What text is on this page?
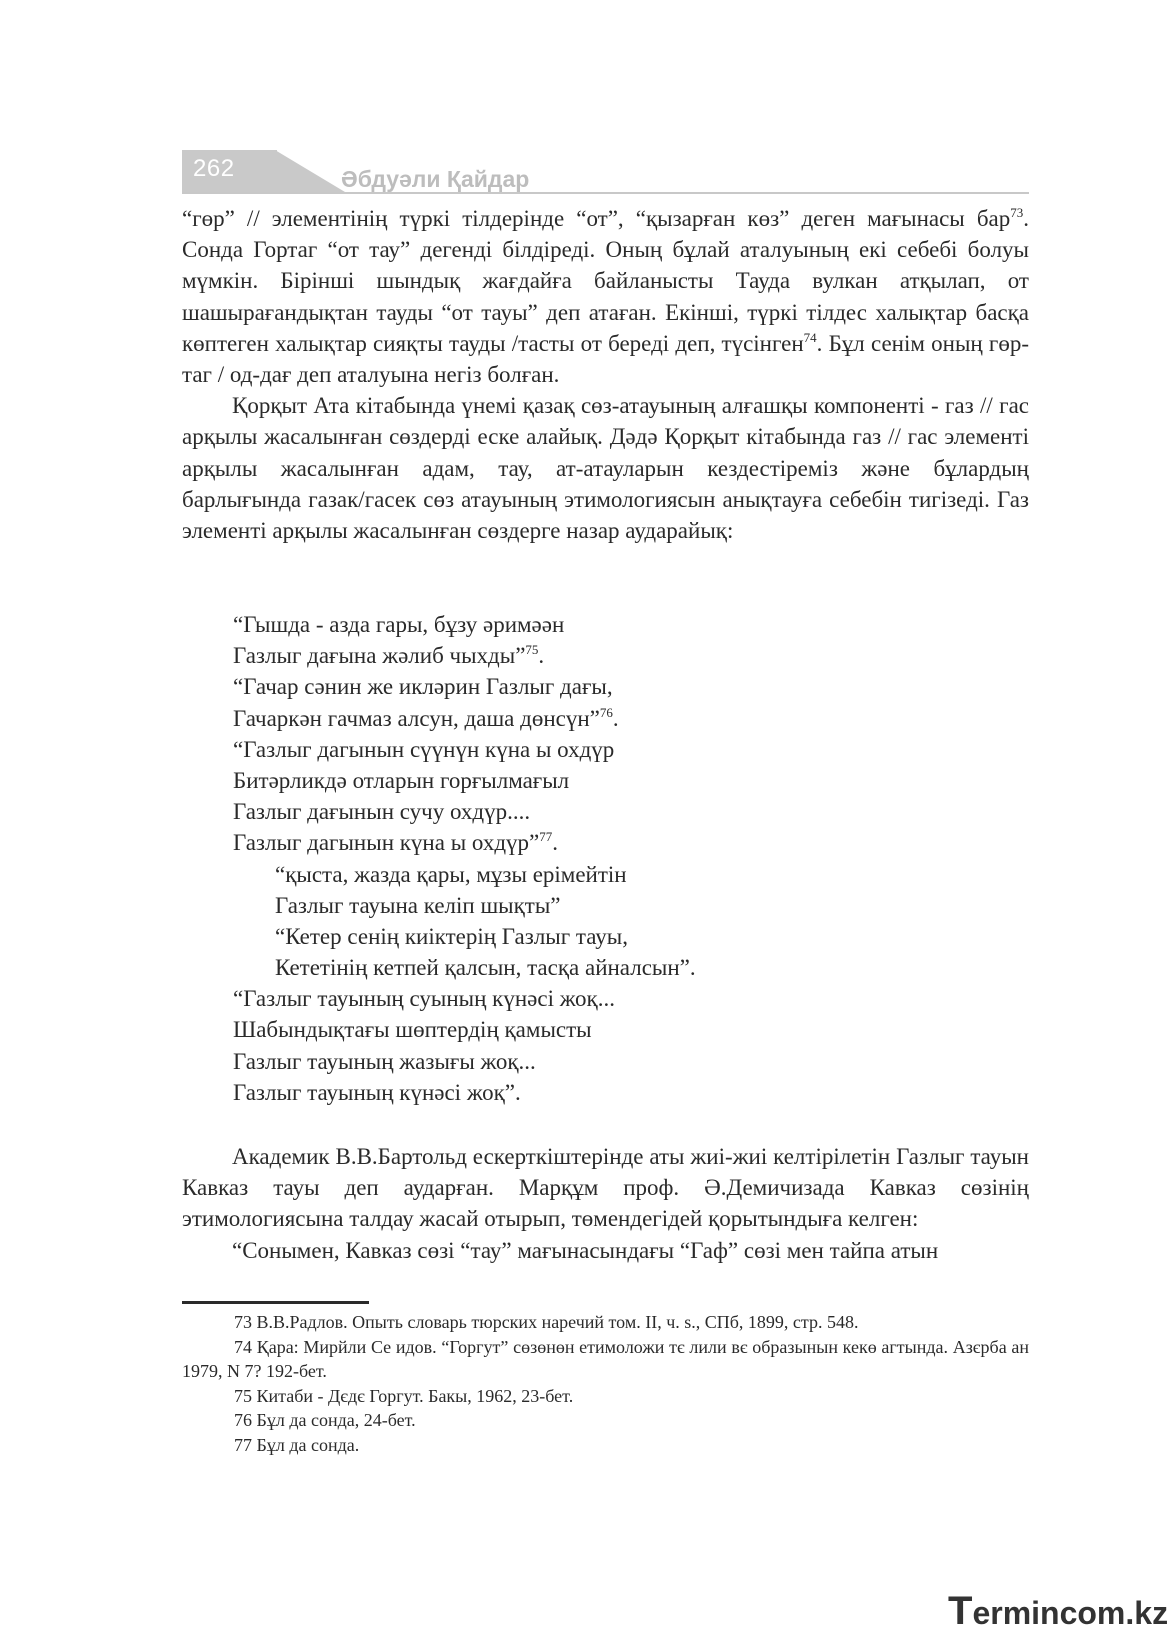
262	Әбдуәли Қайдар

“гөр” // элементінің түркі тілдерінде “от”, “қызарған көз” деген мағынасы бар$^{73}$. Сонда Гортаг “от тау” дегенді білдіреді. Оның бұлай аталуының екі себебі болуы мүмкін. Бірінші шындық жағдайға байланысты Тауда вулкан атқылап, от шашырағандықтан тауды “от тауы” деп атаған. Екінші, түркі тілдес халықтар басқа көптеген халықтар сияқты тауды /тасты от береді деп, түсінген$^{74}$. Бұл сенім оның гөр-таг / од-дағ деп аталуына негіз болған.

Қорқыт Ата кітабында үнемі қазақ сөз-атауының алғашқы компоненті - газ // гас арқылы жасалынған сөздерді еске алайық. Дәдә Қорқыт кітабында газ // гас элементі арқылы жасалынған адам, тау, ат-атауларын кездестіреміз және бұлардың барлығында газак/гасек сөз атауының этимологиясын анықтауға себебін тигізеді. Газ элементі арқылы жасалынған сөздерге назар аударайық:

“Гышда - азда гары, бұзу әримәән
Газлыг дағына жәлиб чыхды”$^{75}$.
“Гачар сәнин же икләрин Газлыг дағы,
Гачаркән гачмаз алсун, даша дөнсүн”$^{76}$.
“Газлыг дагынын сүүнүн күна ы охдүр
Битәрликдә отларын горғылмағыл
Газлыг дағынын сучу охдүр....
Газлыг дагынын күна ы охдүр”$^{77}$.
“қыста, жазда қары, мұзы ерімейтін
Газлыг тауына келіп шықты”
“Кетер сенің киіктерің Газлыг тауы,
Кететінің кетпей қалсын, тасқа айналсын”.
“Газлыг тауының суының күнәсі жоқ...
Шабындықтағы шөптердің қамысты
Газлыг тауының жазығы жоқ...
Газлыг тауының күнәсі жоқ”.

Академик В.В.Бартольд ескерткіштерінде аты жиі-жиі келтірілетін Газлыг тауын Кавказ тауы деп аударған. Марқұм проф. Ә.Демичизада Кавказ сөзінің этимологиясына талдау жасай отырып, төмендегідей қорытындыға келген:

“Сонымен, Кавказ сөзі “тау” мағынасындағы “Гаф” сөзі мен тайпа атын

73 В.В.Радлов. Опыть словарь тюрских наречий том. II, ч. s., СПб, 1899, стр. 548.

74 Қара: Мирйли Се идов. “Горгут” сөзөнөн етимоложи тє лили вє образынын кекө агтында. Азєрба ан 1979, N 7? 192-бет.

75 Китаби - Дєдє Горгут. Бакы, 1962, 23-бет.

76 Бұл да сонда, 24-бет.

77 Бұл да сонда.

Termincom.kz
